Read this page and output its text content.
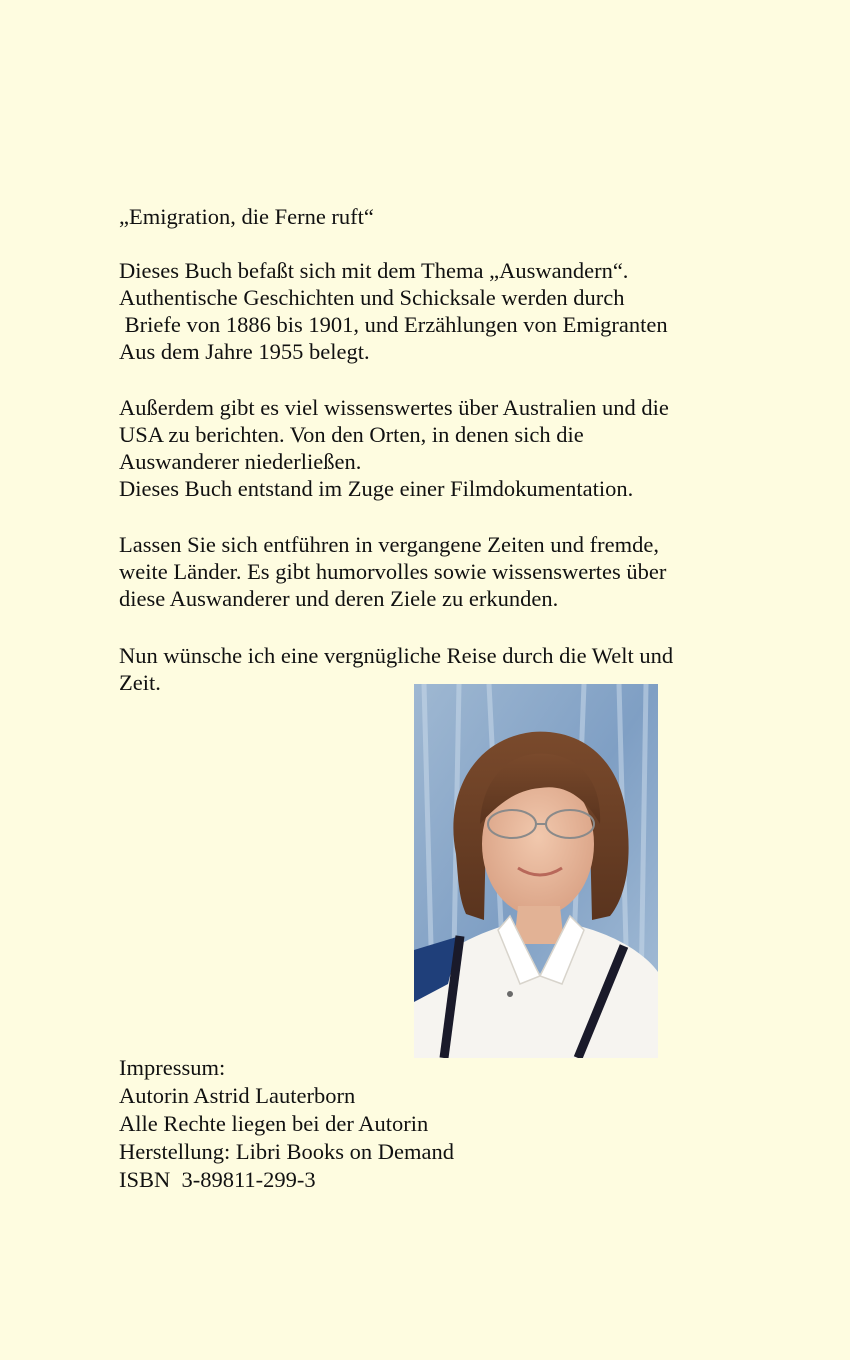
„Emigration, die Ferne ruft“
Dieses Buch befaßt sich mit dem Thema „Auswandern“.
Authentische Geschichten und Schicksale werden durch
Briefe von 1886 bis 1901, und Erzählungen von Emigranten
Aus dem Jahre 1955 belegt.
Außerdem gibt es viel wissenswertes über Australien und die
USA zu berichten. Von den Orten, in denen sich die
Auswanderer niederließen.
Dieses Buch entstand im Zuge einer Filmdokumentation.
Lassen Sie sich entführen in vergangene Zeiten und fremde,
weite Länder. Es gibt humorvolles sowie wissenswertes über
diese Auswanderer und deren Ziele zu erkunden.
Nun wünsche ich eine vergnügliche Reise durch die Welt und
Zeit.
Impressum:
Autorin Astrid Lauterborn
Alle Rechte liegen bei der Autorin
Herstellung: Libri Books on Demand
ISBN  3-89811-299-3
